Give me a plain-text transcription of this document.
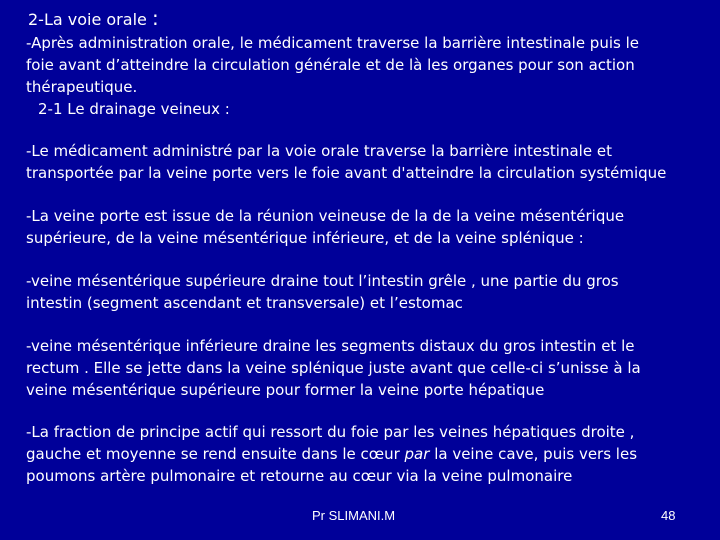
2-La voie orale :
-Après administration orale, le médicament traverse la barrière intestinale puis le
foie avant d’atteindre la circulation générale et de là les organes pour son action
thérapeutique.
2-1 Le drainage veineux :
-Le médicament administré par la voie orale traverse la barrière intestinale et
transportée par la veine porte vers le foie avant d'atteindre la circulation systémique
-La veine porte est issue de la réunion veineuse de la de la veine mésentérique
supérieure, de la veine mésentérique inférieure, et de la veine splénique :
-veine mésentérique supérieure draine tout l’intestin grêle , une partie du gros
intestin (segment ascendant et transversale) et l’estomac
-veine mésentérique inférieure draine les segments distaux du gros intestin et le
rectum . Elle se jette dans la veine splénique juste avant que celle-ci s’unisse à la
veine mésentérique supérieure pour former la veine porte hépatique
-La fraction de principe actif qui ressort du foie par les veines hépatiques droite ,
gauche et moyenne se rend ensuite dans le cœur par la veine cave, puis vers les
poumons artère pulmonaire et retourne au cœur via la veine pulmonaire
Pr SLIMANI.M	48
